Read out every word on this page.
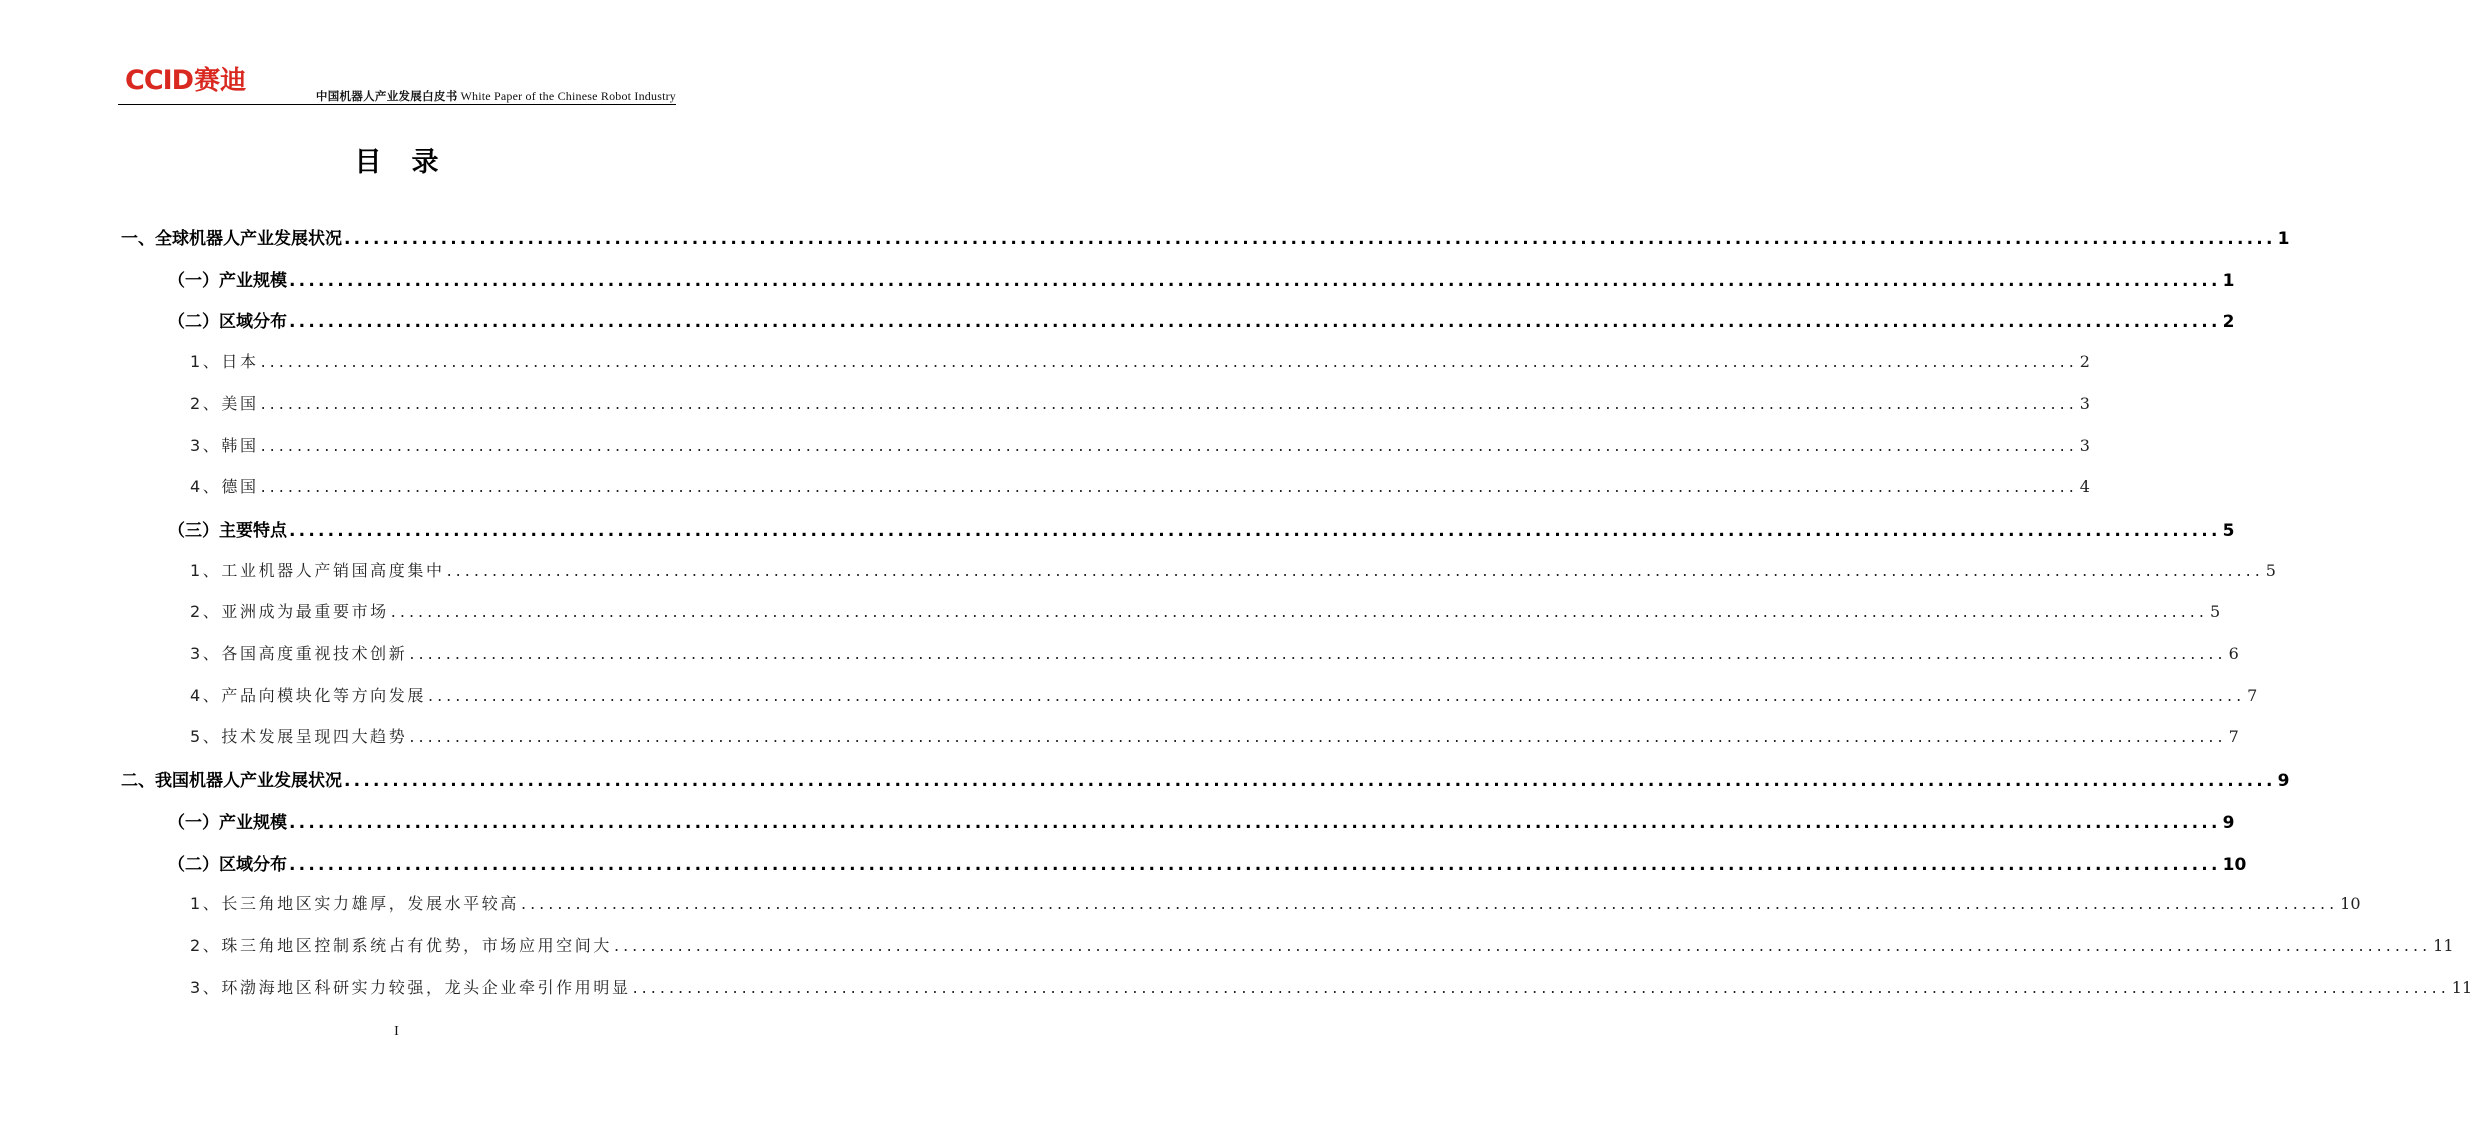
CCID 赛迪	中国机器人产业发展白皮书 White Paper of the Chinese Robot Industry
目录
一、全球机器人产业发展状况 ........................................................................................................................................................................................................ 1
（一）产业规模 ........................................................................................................................................................................................................ 1
（二）区域分布 ........................................................................................................................................................................................................ 2
1、日本 ........................................................................................................................................................................................................ 2
2、美国 ........................................................................................................................................................................................................ 3
3、韩国 ........................................................................................................................................................................................................ 3
4、德国 ........................................................................................................................................................................................................ 4
（三）主要特点 ........................................................................................................................................................................................................ 5
1、工业机器人产销国高度集中 ........................................................................................................................................................................................................ 5
2、亚洲成为最重要市场 ........................................................................................................................................................................................................ 5
3、各国高度重视技术创新 ........................................................................................................................................................................................................ 6
4、产品向模块化等方向发展 ........................................................................................................................................................................................................ 7
5、技术发展呈现四大趋势 ........................................................................................................................................................................................................ 7
二、我国机器人产业发展状况 ........................................................................................................................................................................................................ 9
（一）产业规模 ........................................................................................................................................................................................................ 9
（二）区域分布 ........................................................................................................................................................................................................ 10
1、长三角地区实力雄厚，发展水平较高 ........................................................................................................................................................................................................ 10
2、珠三角地区控制系统占有优势，市场应用空间大 ........................................................................................................................................................................................................ 11
3、环渤海地区科研实力较强，龙头企业牵引作用明显 ........................................................................................................................................................................................................ 11
I
